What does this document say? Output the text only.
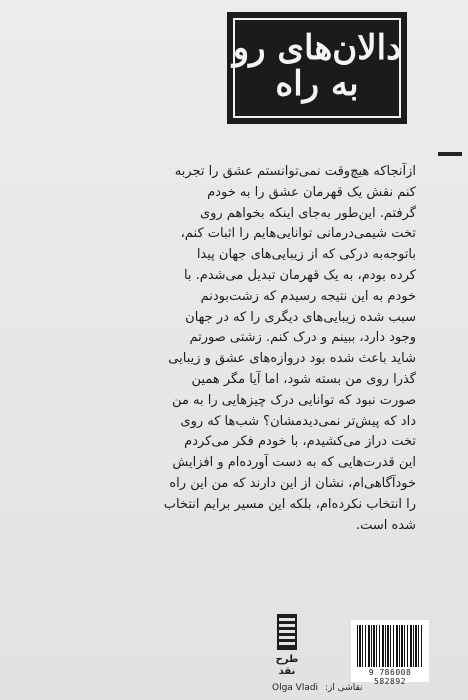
دالان‌های رو به راه
ازآنجاکه هیچ‌وقت نمی‌توانستم عشق را تجربه
کنم نقش یک قهرمان عشق را به خودم
گرفتم. این‌طور به‌جای اینکه بخواهم روی
تخت شیمی‌درمانی توانایی‌هایم را اثبات کنم،
باتوجه‌به درکی که از زیبایی‌های جهان پیدا
کرده بودم، به یک قهرمان تبدیل می‌شدم. با
خودم به این نتیجه رسیدم که زشت‌بودنم
سبب شده زیبایی‌های دیگری را که در جهان
وجود دارد، ببینم و درک کنم. زشتی صورتم
شاید باعث شده بود دروازه‌های عشق و زیبایی
گذرا روی من بسته شود، اما آیا مگر همین
صورت نبود که توانایی درک چیزهایی را به من
داد که پیش‌تر نمی‌دیدمشان؟ شب‌ها که روی
تخت دراز می‌کشیدم، با خودم فکر می‌کردم
این قدرت‌هایی که به دست آورده‌ام و افزایش
خودآگاهی‌ام، نشان از این دارند که من این راه
را انتخاب نکرده‌ام، بلکه این مسیر برایم انتخاب
شده است.
طرح نقد	9 786008 582892
Olga Vladi نقاشی از:
